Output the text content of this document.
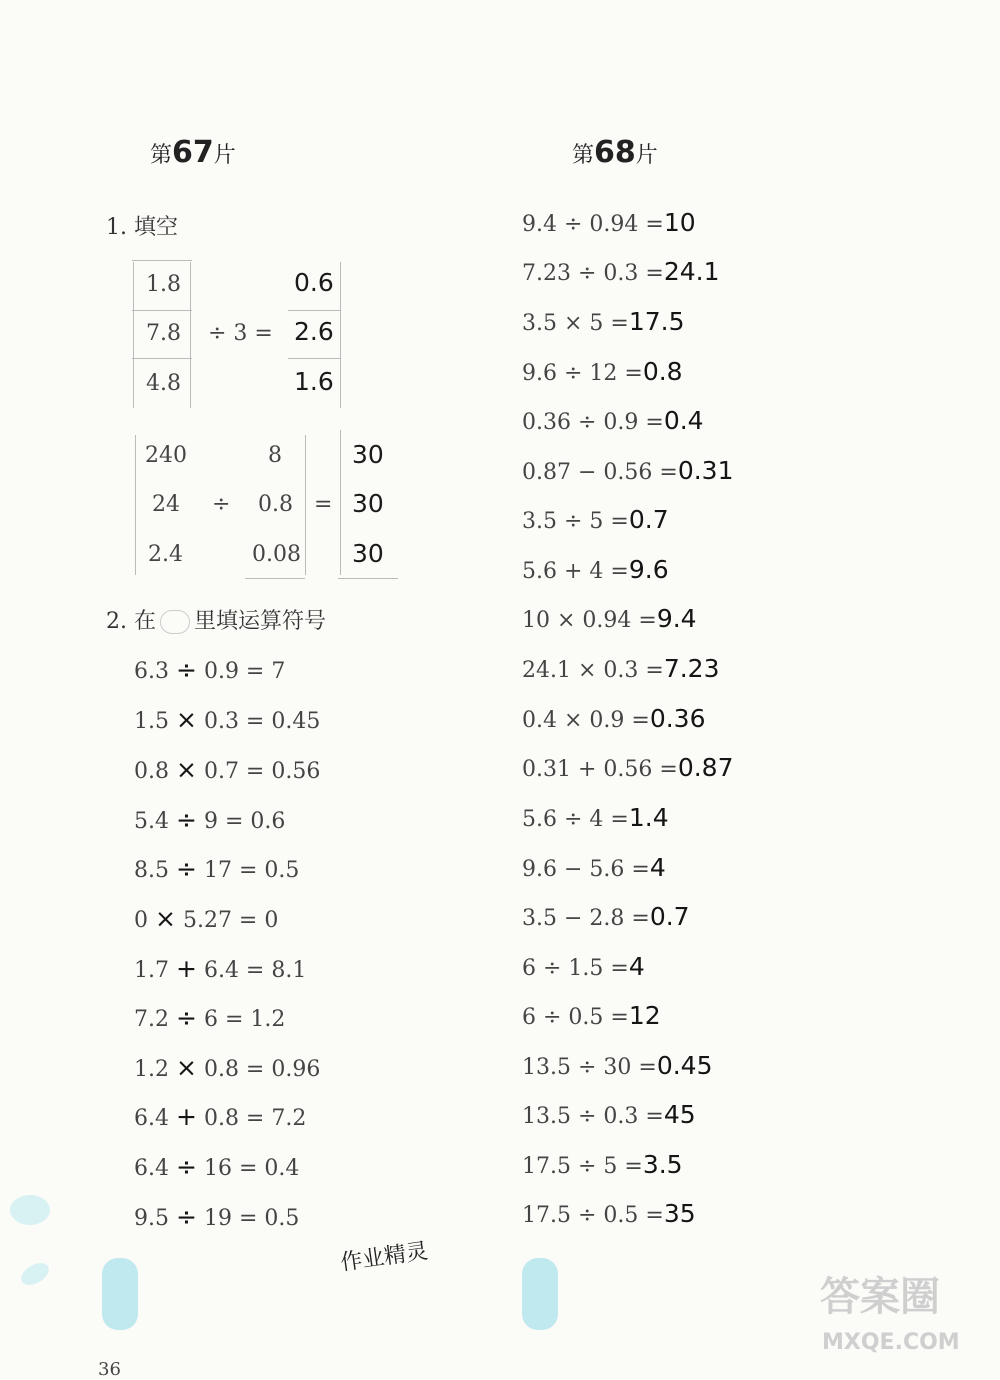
第67片	第68片
1. 填空
1.8
7.8
4.8
÷ 3 =
0.6
2.6
1.6
240
24
2.4
÷
8
0.8
0.08
=
30
30
30
2. 在 里填运算符号
6.3 ÷ 0.9 = 7
1.5 × 0.3 = 0.45
0.8 × 0.7 = 0.56
5.4 ÷ 9 = 0.6
8.5 ÷ 17 = 0.5
0 × 5.27 = 0
1.7 + 6.4 = 8.1
7.2 ÷ 6 = 1.2
1.2 × 0.8 = 0.96
6.4 + 0.8 = 7.2
6.4 ÷ 16 = 0.4
9.5 ÷ 19 = 0.5
9.4 ÷ 0.94 =10
7.23 ÷ 0.3 =24.1
3.5 × 5 =17.5
9.6 ÷ 12 =0.8
0.36 ÷ 0.9 =0.4
0.87 − 0.56 =0.31
3.5 ÷ 5 =0.7
5.6 + 4 =9.6
10 × 0.94 =9.4
24.1 × 0.3 =7.23
0.4 × 0.9 =0.36
0.31 + 0.56 =0.87
5.6 ÷ 4 =1.4
9.6 − 5.6 =4
3.5 − 2.8 =0.7
6 ÷ 1.5 =4
6 ÷ 0.5 =12
13.5 ÷ 30 =0.45
13.5 ÷ 0.3 =45
17.5 ÷ 5 =3.5
17.5 ÷ 0.5 =35
作业精灵
36
答案圈
MXQE.COM
